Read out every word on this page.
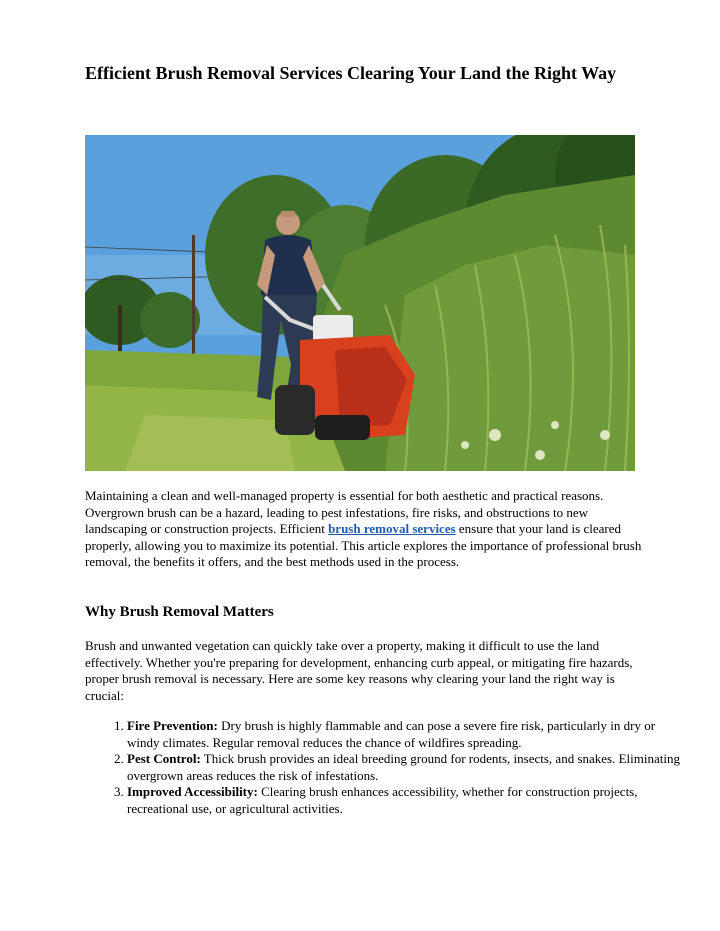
Efficient Brush Removal Services Clearing Your Land the Right Way

Maintaining a clean and well-managed property is essential for both aesthetic and practical reasons. Overgrown brush can be a hazard, leading to pest infestations, fire risks, and obstructions to new landscaping or construction projects. Efficient brush removal services ensure that your land is cleared properly, allowing you to maximize its potential. This article explores the importance of professional brush removal, the benefits it offers, and the best methods used in the process.

Why Brush Removal Matters

Brush and unwanted vegetation can quickly take over a property, making it difficult to use the land effectively. Whether you're preparing for development, enhancing curb appeal, or mitigating fire hazards, proper brush removal is necessary. Here are some key reasons why clearing your land the right way is crucial:

1. Fire Prevention: Dry brush is highly flammable and can pose a severe fire risk, particularly in dry or windy climates. Regular removal reduces the chance of wildfires spreading.
2. Pest Control: Thick brush provides an ideal breeding ground for rodents, insects, and snakes. Eliminating overgrown areas reduces the risk of infestations.
3. Improved Accessibility: Clearing brush enhances accessibility, whether for construction projects, recreational use, or agricultural activities.
